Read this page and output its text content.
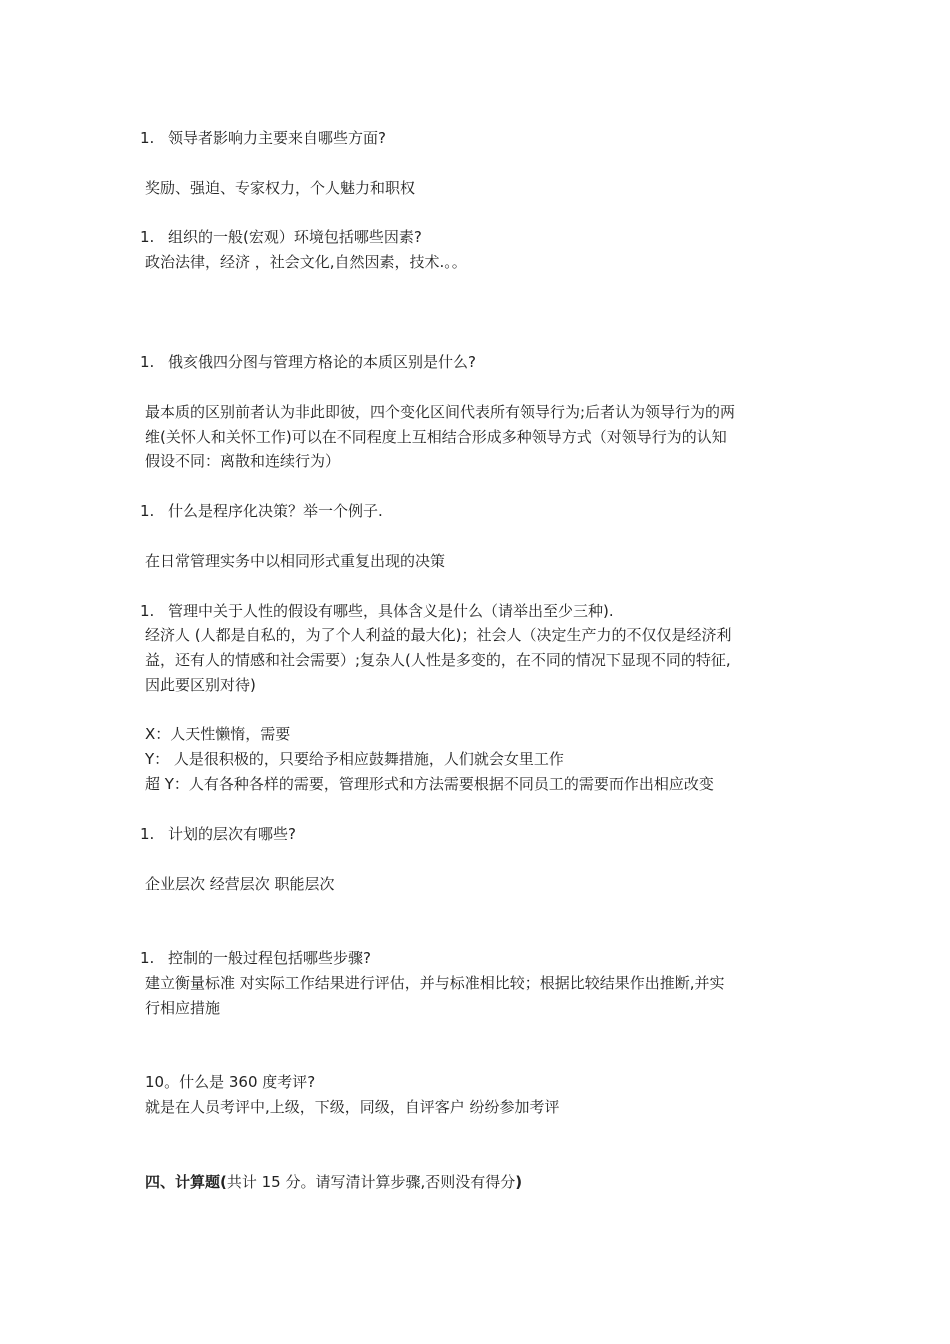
1. 领导者影响力主要来自哪些方面?
奖励、强迫、专家权力，个人魅力和职权
1. 组织的一般(宏观）环境包括哪些因素?
政治法律，经济 ，社会文化,自然因素，技术.。。
1. 俄亥俄四分图与管理方格论的本质区别是什么?
最本质的区别前者认为非此即彼，四个变化区间代表所有领导行为;后者认为领导行为的两
维(关怀人和关怀工作)可以在不同程度上互相结合形成多种领导方式（对领导行为的认知
假设不同：离散和连续行为）
1. 什么是程序化决策？举一个例子.
在日常管理实务中以相同形式重复出现的决策
1. 管理中关于人性的假设有哪些，具体含义是什么（请举出至少三种).
经济人 (人都是自私的，为了个人利益的最大化)；社会人（决定生产力的不仅仅是经济利
益，还有人的情感和社会需要）;复杂人(人性是多变的，在不同的情况下显现不同的特征,
因此要区别对待)
X：人天性懒惰，需要
Y： 人是很积极的，只要给予相应鼓舞措施，人们就会女里工作
超 Y：人有各种各样的需要，管理形式和方法需要根据不同员工的需要而作出相应改变
1. 计划的层次有哪些?
企业层次 经营层次 职能层次
1. 控制的一般过程包括哪些步骤?
建立衡量标准 对实际工作结果进行评估，并与标准相比较；根据比较结果作出推断,并实
行相应措施
10。什么是 360 度考评?
就是在人员考评中,上级，下级，同级，自评客户 纷纷参加考评
四、计算题(共计 15 分。请写清计算步骤,否则没有得分)
